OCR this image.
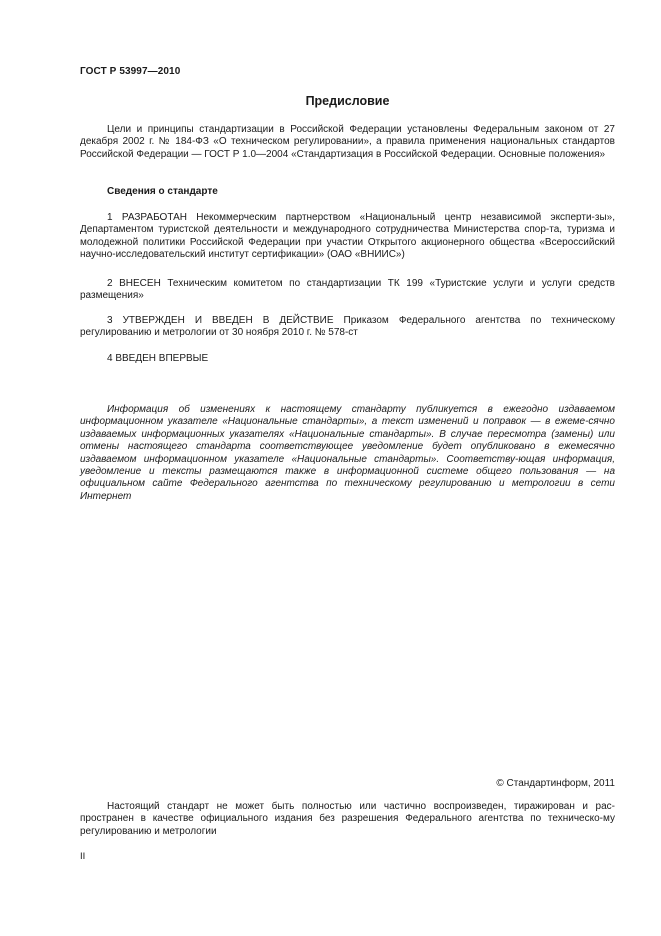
ГОСТ Р 53997—2010
Предисловие

Цели и принципы стандартизации в Российской Федерации установлены Федеральным законом от 27 декабря 2002 г. № 184-ФЗ «О техническом регулировании», а правила применения национальных стандартов Российской Федерации — ГОСТ Р 1.0—2004 «Стандартизация в Российской Федерации. Основные положения»

Сведения о стандарте

1 РАЗРАБОТАН Некоммерческим партнерством «Национальный центр независимой эксперти-зы», Департаментом туристской деятельности и международного сотрудничества Министерства спор-та, туризма и молодежной политики Российской Федерации при участии Открытого акционерного общества «Всероссийский научно-исследовательский институт сертификации» (ОАО «ВНИИС»)

2 ВНЕСЕН Техническим комитетом по стандартизации ТК 199 «Туристские услуги и услуги средств размещения»

3 УТВЕРЖДЕН И ВВЕДЕН В ДЕЙСТВИЕ Приказом Федерального агентства по техническому регулированию и метрологии от 30 ноября 2010 г. № 578-ст

4 ВВЕДЕН ВПЕРВЫЕ

Информация об изменениях к настоящему стандарту публикуется в ежегодно издаваемом информационном указателе «Национальные стандарты», а текст изменений и поправок — в ежеме-сячно издаваемых информационных указателях «Национальные стандарты». В случае пересмотра (замены) или отмены настоящего стандарта соответствующее уведомление будет опубликовано в ежемесячно издаваемом информационном указателе «Национальные стандарты». Соответству-ющая информация, уведомление и тексты размещаются также в информационной системе общего пользования — на официальном сайте Федерального агентства по техническому регулированию и метрологии в сети Интернет

© Стандартинформ, 2011

Настоящий стандарт не может быть полностью или частично воспроизведен, тиражирован и рас-пространен в качестве официального издания без разрешения Федерального агентства по техническо-му регулированию и метрологии

II
